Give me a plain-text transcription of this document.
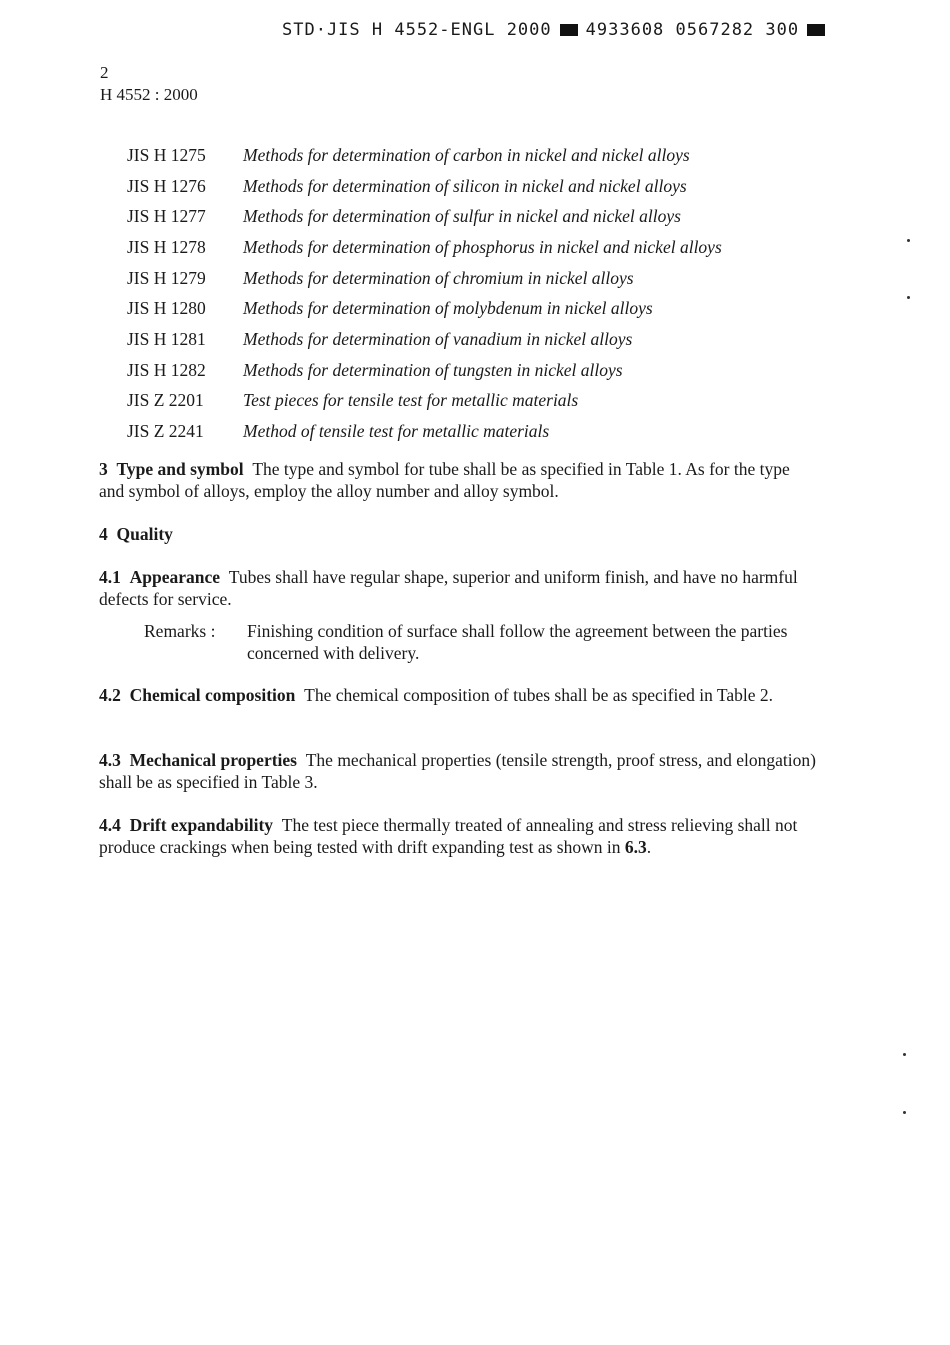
STD·JIS H 4552-ENGL 2000 4933608 0567282 300
2
H 4552 : 2000
JIS H 1275	Methods for determination of carbon in nickel and nickel alloys
JIS H 1276	Methods for determination of silicon in nickel and nickel alloys
JIS H 1277	Methods for determination of sulfur in nickel and nickel alloys
JIS H 1278	Methods for determination of phosphorus in nickel and nickel alloys
JIS H 1279	Methods for determination of chromium in nickel alloys
JIS H 1280	Methods for determination of molybdenum in nickel alloys
JIS H 1281	Methods for determination of vanadium in nickel alloys
JIS H 1282	Methods for determination of tungsten in nickel alloys
JIS Z 2201	Test pieces for tensile test for metallic materials
JIS Z 2241	Method of tensile test for metallic materials
3 Type and symbol The type and symbol for tube shall be as specified in Table 1. As for the type and symbol of alloys, employ the alloy number and alloy symbol.
4 Quality
4.1 Appearance Tubes shall have regular shape, superior and uniform finish, and have no harmful defects for service.
Remarks :	Finishing condition of surface shall follow the agreement between the parties concerned with delivery.
4.2 Chemical composition The chemical composition of tubes shall be as specified in Table 2.
4.3 Mechanical properties The mechanical properties (tensile strength, proof stress, and elongation) shall be as specified in Table 3.
4.4 Drift expandability The test piece thermally treated of annealing and stress relieving shall not produce crackings when being tested with drift expanding test as shown in 6.3.
